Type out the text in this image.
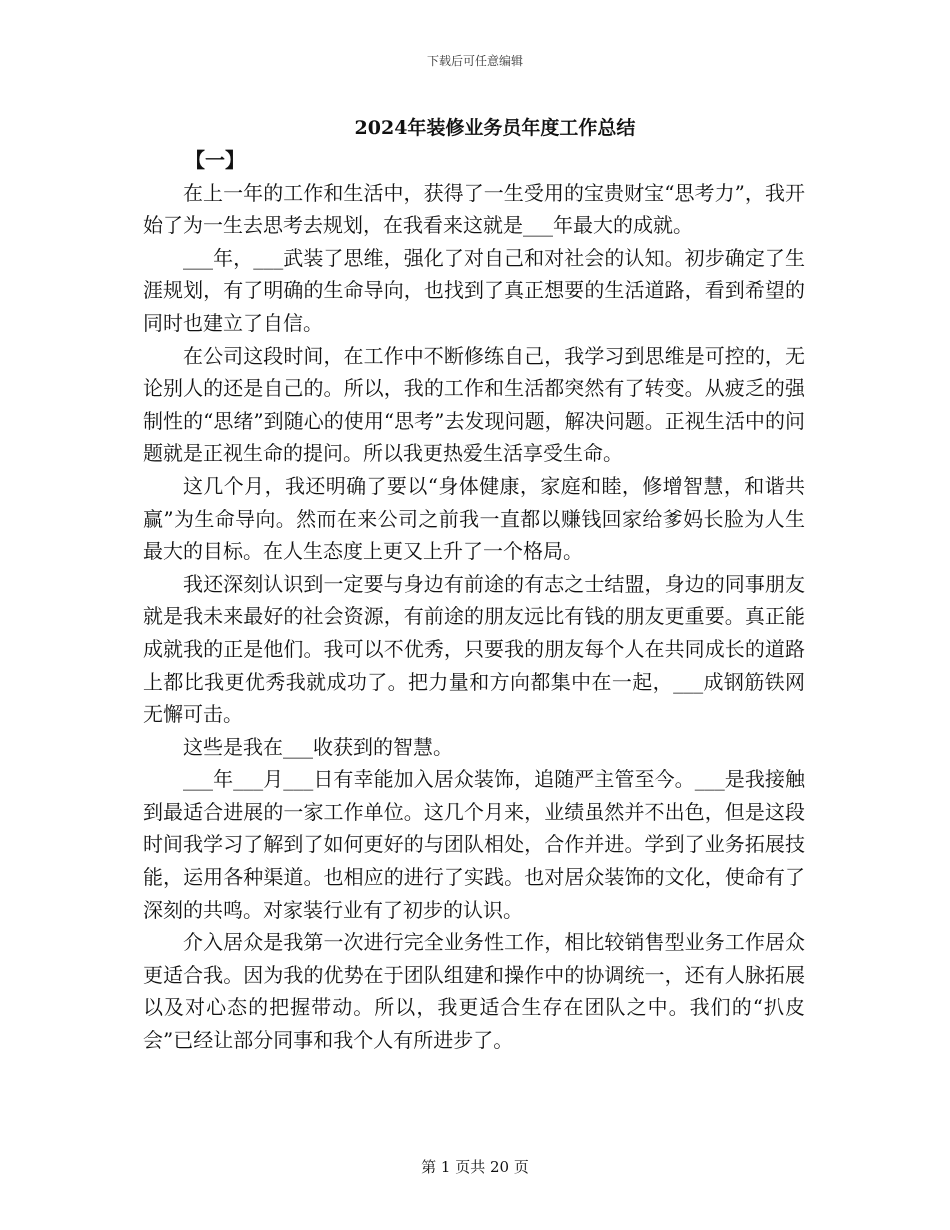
下载后可任意编辑
2024年装修业务员年度工作总结

【一】

在上一年的工作和生活中，获得了一生受用的宝贵财宝“思考力”，我开始了为一生去思考去规划，在我看来这就是___年最大的成就。

___年，___武装了思维，强化了对自己和对社会的认知。初步确定了生涯规划，有了明确的生命导向，也找到了真正想要的生活道路，看到希望的同时也建立了自信。

在公司这段时间，在工作中不断修练自己，我学习到思维是可控的，无论别人的还是自己的。所以，我的工作和生活都突然有了转变。从疲乏的强制性的“思绪”到随心的使用“思考”去发现问题，解决问题。正视生活中的问题就是正视生命的提问。所以我更热爱生活享受生命。

这几个月，我还明确了要以“身体健康，家庭和睦，修增智慧，和谐共赢”为生命导向。然而在来公司之前我一直都以赚钱回家给爹妈长脸为人生最大的目标。在人生态度上更又上升了一个格局。

我还深刻认识到一定要与身边有前途的有志之士结盟，身边的同事朋友就是我未来最好的社会资源，有前途的朋友远比有钱的朋友更重要。真正能成就我的正是他们。我可以不优秀，只要我的朋友每个人在共同成长的道路上都比我更优秀我就成功了。把力量和方向都集中在一起，___成钢筋铁网无懈可击。

这些是我在___收获到的智慧。

___年___月___日有幸能加入居众装饰，追随严主管至今。___是我接触到最适合进展的一家工作单位。这几个月来，业绩虽然并不出色，但是这段时间我学习了解到了如何更好的与团队相处，合作并进。学到了业务拓展技能，运用各种渠道。也相应的进行了实践。也对居众装饰的文化，使命有了深刻的共鸣。对家装行业有了初步的认识。

介入居众是我第一次进行完全业务性工作，相比较销售型业务工作居众更适合我。因为我的优势在于团队组建和操作中的协调统一，还有人脉拓展以及对心态的把握带动。所以，我更适合生存在团队之中。我们的“扒皮会”已经让部分同事和我个人有所进步了。

第 1 页共 20 页
